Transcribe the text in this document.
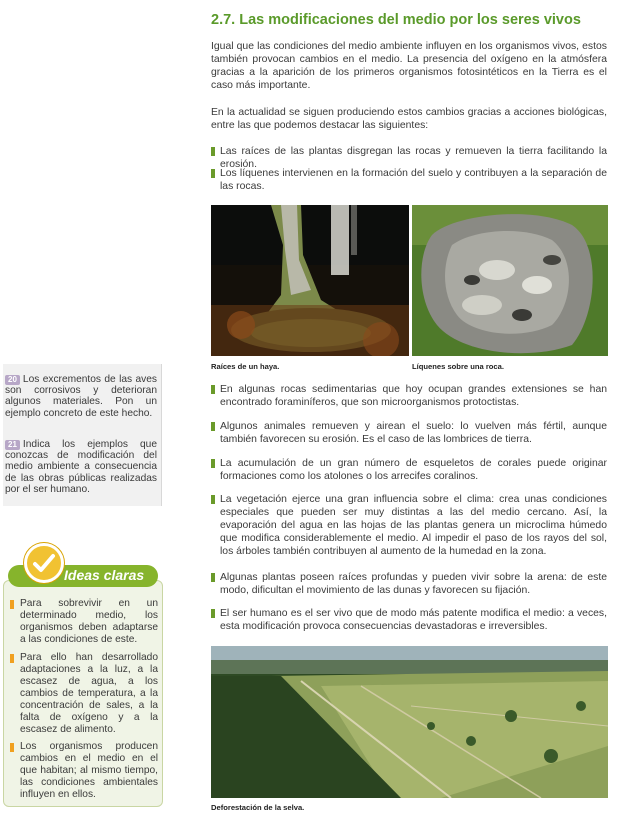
2.7. Las modificaciones del medio por los seres vivos

Igual que las condiciones del medio ambiente influyen en los organismos vivos, estos también provocan cambios en el medio. La presencia del oxígeno en la atmósfera gracias a la aparición de los primeros organismos fotosintéticos en la Tierra es el caso más importante.

En la actualidad se siguen produciendo estos cambios gracias a acciones biológicas, entre las que podemos destacar las siguientes:

Las raíces de las plantas disgregan las rocas y remueven la tierra facilitando la erosión.
Los líquenes intervienen en la formación del suelo y contribuyen a la separación de las rocas.
Raíces de un haya.	Líquenes sobre una roca.
En algunas rocas sedimentarias que hoy ocupan grandes extensiones se han encontrado foraminíferos, que son microorganismos protoctistas.
Algunos animales remueven y airean el suelo: lo vuelven más fértil, aunque también favorecen su erosión. Es el caso de las lombrices de tierra.
La acumulación de un gran número de esqueletos de corales puede originar formaciones como los atolones o los arrecifes coralinos.
La vegetación ejerce una gran influencia sobre el clima: crea unas condiciones especiales que pueden ser muy distintas a las del medio cercano. Así, la evaporación del agua en las hojas de las plantas genera un microclima húmedo que modifica considerablemente el medio. Al impedir el paso de los rayos del sol, los árboles también contribuyen al aumento de la humedad en la zona.
Algunas plantas poseen raíces profundas y pueden vivir sobre la arena: de este modo, dificultan el movimiento de las dunas y favorecen su fijación.
El ser humano es el ser vivo que de modo más patente modifica el medio: a veces, esta modificación provoca consecuencias devastadoras e irreversibles.
Deforestación de la selva.

20 Los excrementos de las aves son corrosivos y deterioran algunos materiales. Pon un ejemplo concreto de este hecho.

21 Indica los ejemplos que conozcas de modificación del medio ambiente a consecuencia de las obras públicas realizadas por el ser humano.

Ideas claras

Para sobrevivir en un determinado medio, los organismos deben adaptarse a las condiciones de este.

Para ello han desarrollado adaptaciones a la luz, a la escasez de agua, a los cambios de temperatura, a la concentración de sales, a la falta de oxígeno y a la escasez de alimento.

Los organismos producen cambios en el medio en el que habitan; al mismo tiempo, las condiciones ambientales influyen en ellos.
